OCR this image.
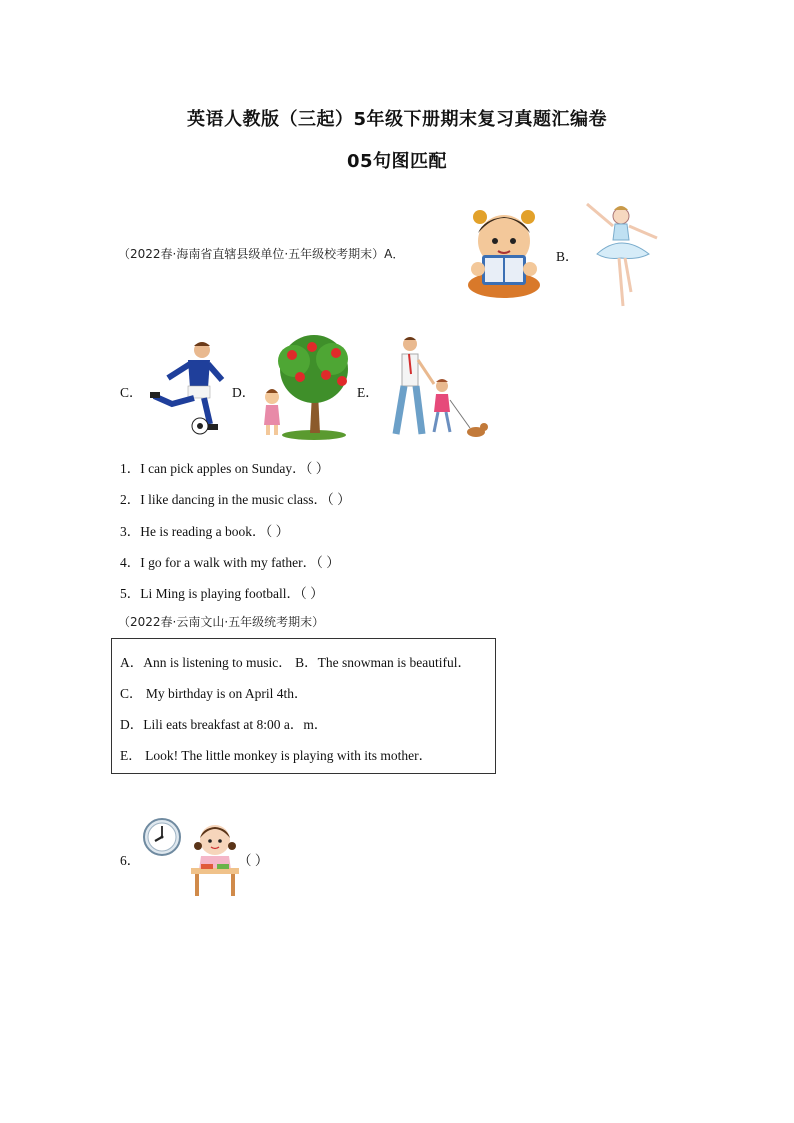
英语人教版（三起）5年级下册期末复习真题汇编卷
05句图匹配
（2022春·海南省直辖县级单位·五年级校考期末）A．	B．
C．	D．	E．
1．I can pick apples on Sunday．（ ）
2．I like dancing in the music class．（ ）
3．He is reading a book．（ ）
4．I go for a walk with my father．（ ）
5．Li Ming is playing football．（ ）
（2022春·云南文山·五年级统考期末）
A．Ann is listening to music． B．The snowman is beautiful．
C． My birthday is on April 4th．
D．Lili eats breakfast at 8:00 a．m．
E． Look! The little monkey is playing with its mother．
6．	（ ）
